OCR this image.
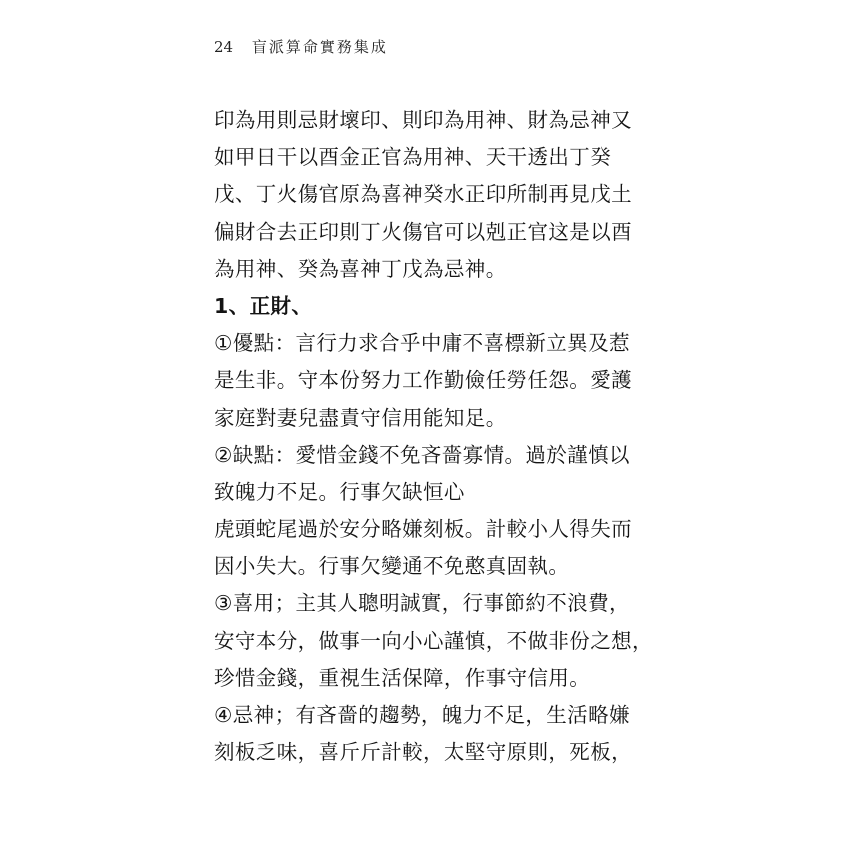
24 盲派算命實務集成
印為用則忌財壞印、則印為用神、財為忌神又
如甲日干以酉金正官為用神、天干透出丁癸
戊、丁火傷官原為喜神癸水正印所制再見戊土
偏財合去正印則丁火傷官可以剋正官这是以酉
為用神、癸為喜神丁戊為忌神。
1、正財、
①優點：言行力求合乎中庸不喜標新立異及惹
是生非。守本份努力工作勤儉任勞任怨。愛護
家庭對妻兒盡責守信用能知足。
②缺點：愛惜金錢不免吝嗇寡情。過於謹慎以
致魄力不足。行事欠缺恒心
虎頭蛇尾過於安分略嫌刻板。計較小人得失而
因小失大。行事欠變通不免憨真固執。
③喜用；主其人聰明誠實，行事節約不浪費，
安守本分，做事一向小心謹慎，不做非份之想，
珍惜金錢，重視生活保障，作事守信用。
④忌神；有吝嗇的趨勢，魄力不足，生活略嫌
刻板乏味，喜斤斤計較，太堅守原則，死板，
